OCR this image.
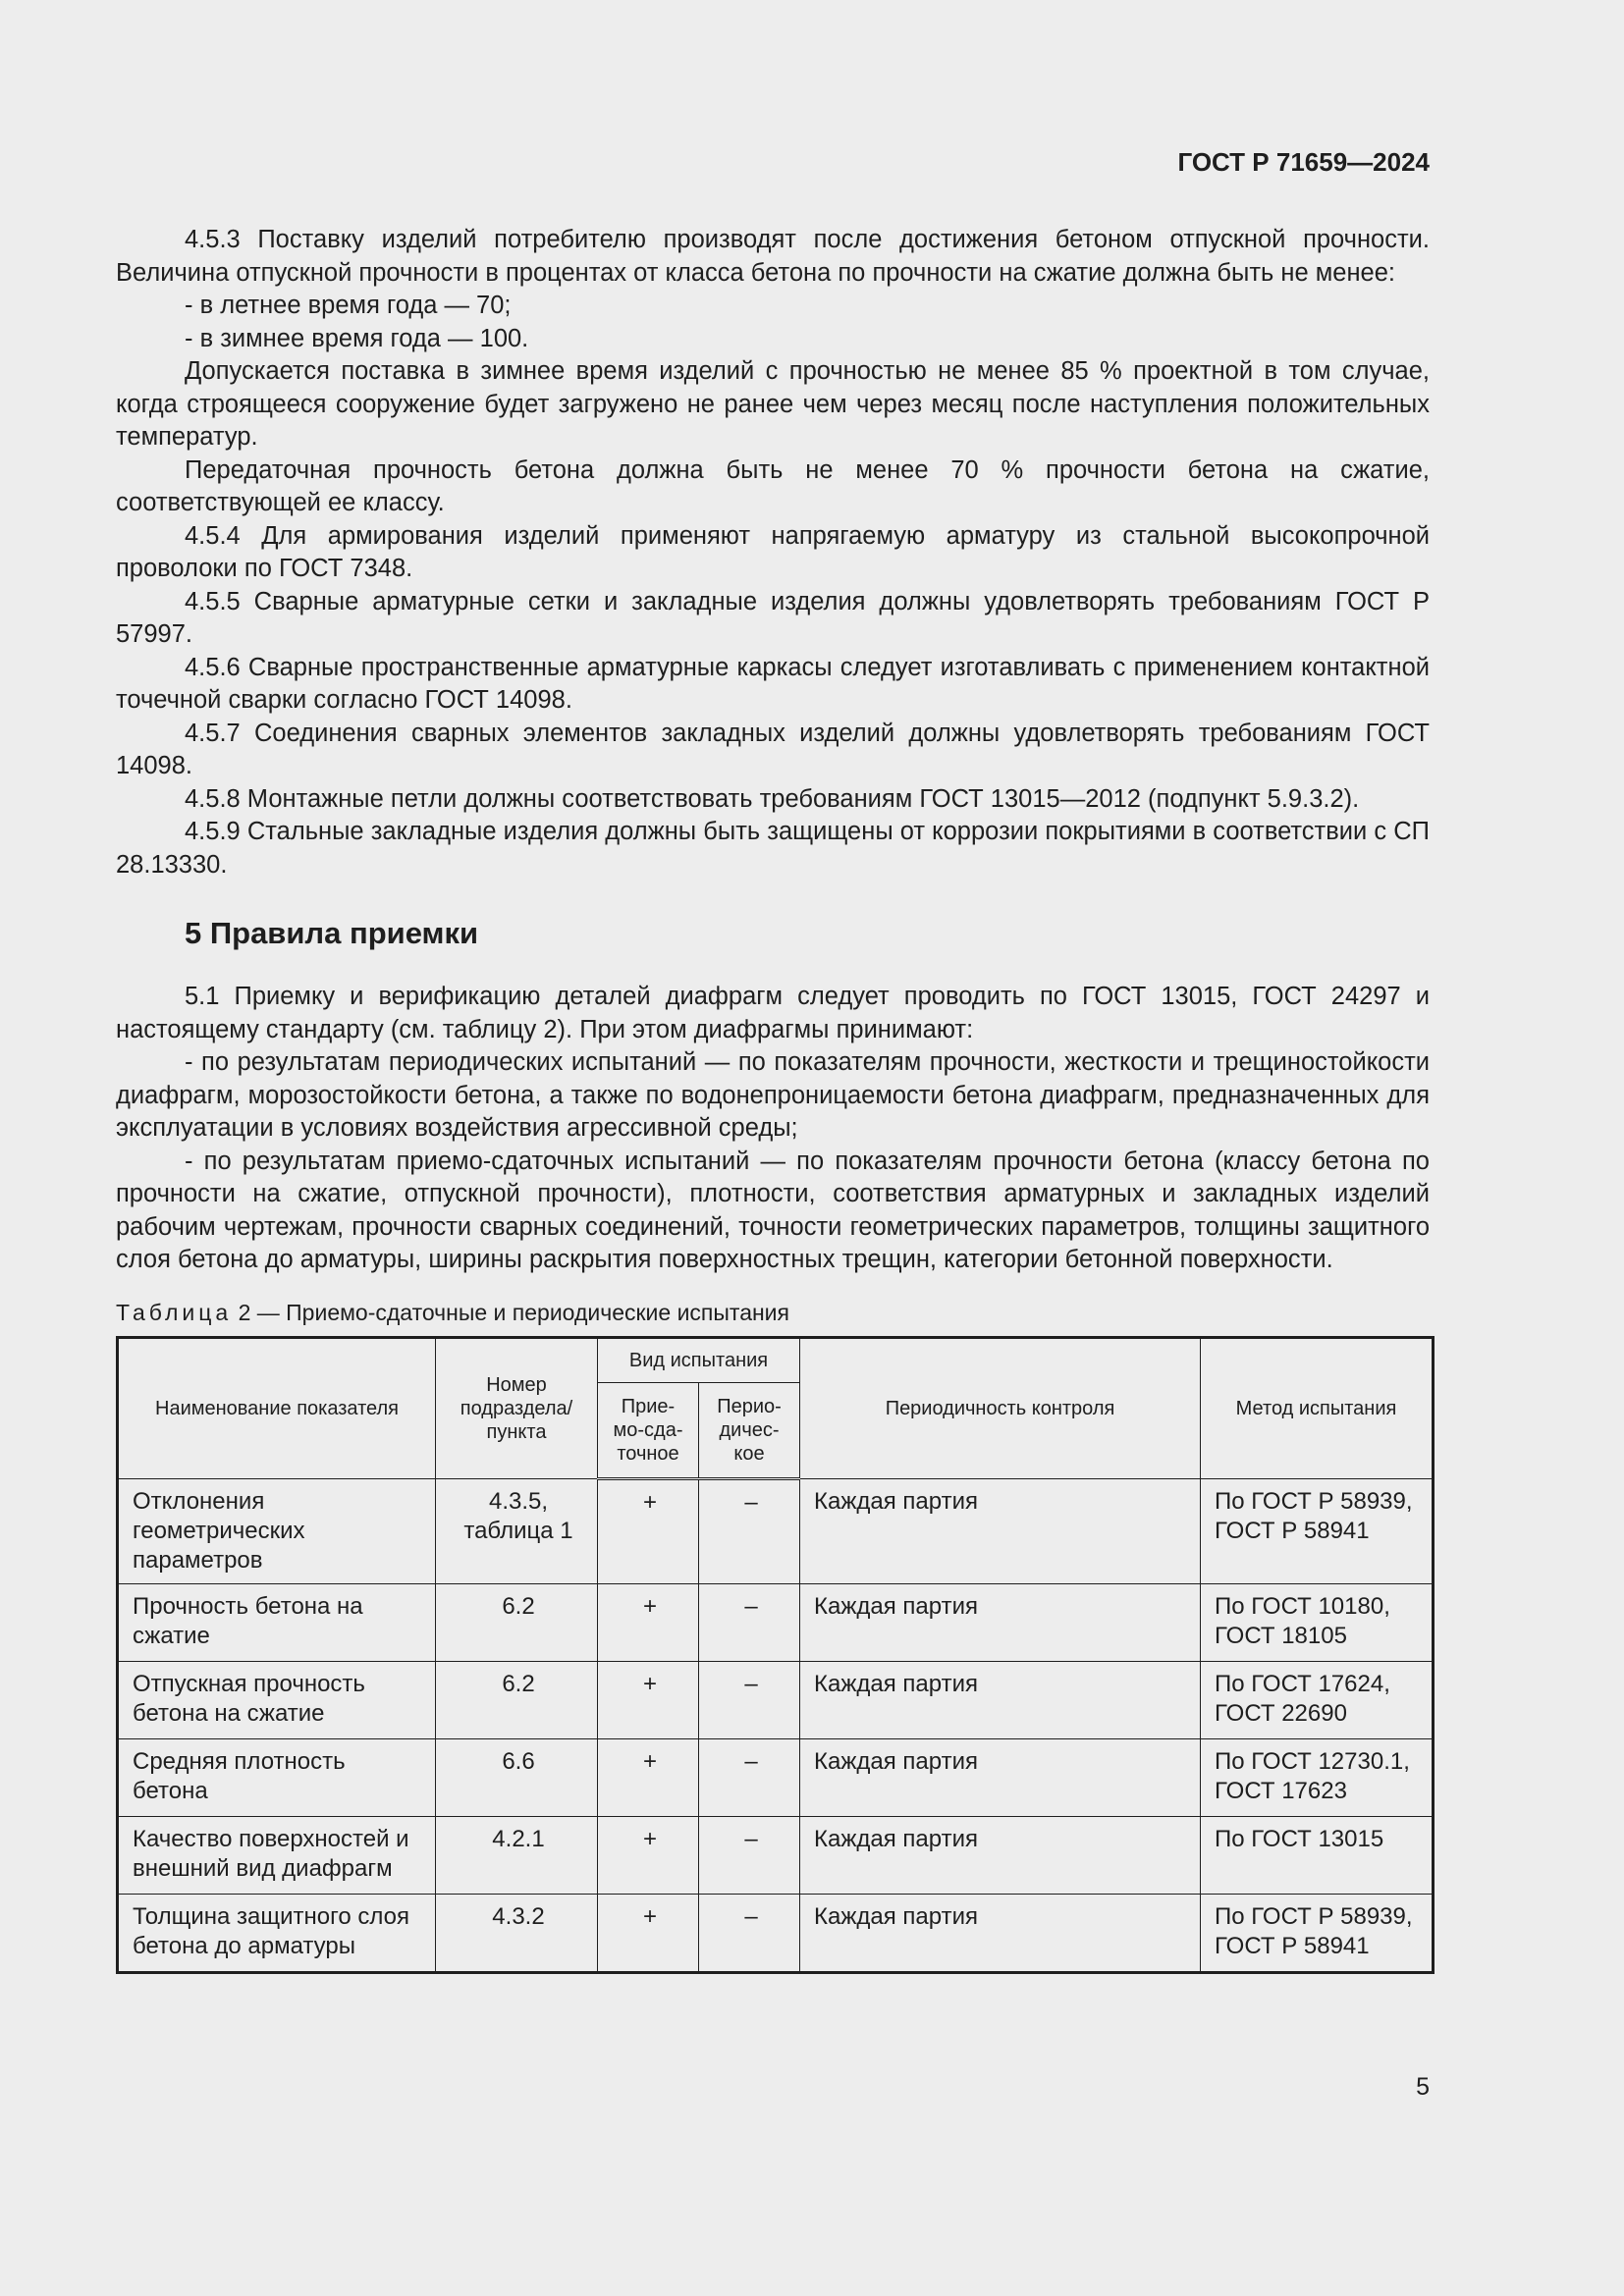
ГОСТ Р 71659—2024

4.5.3 Поставку изделий потребителю производят после достижения бетоном отпускной прочности. Величина отпускной прочности в процентах от класса бетона по прочности на сжатие должна быть не менее:

- в летнее время года — 70;

- в зимнее время года — 100.

Допускается поставка в зимнее время изделий с прочностью не менее 85 % проектной в том случае, когда строящееся сооружение будет загружено не ранее чем через месяц после наступления положительных температур.

Передаточная прочность бетона должна быть не менее 70 % прочности бетона на сжатие, соответствующей ее классу.

4.5.4 Для армирования изделий применяют напрягаемую арматуру из стальной высокопрочной проволоки по ГОСТ 7348.

4.5.5 Сварные арматурные сетки и закладные изделия должны удовлетворять требованиям ГОСТ Р 57997.

4.5.6 Сварные пространственные арматурные каркасы следует изготавливать с применением контактной точечной сварки согласно ГОСТ 14098.

4.5.7 Соединения сварных элементов закладных изделий должны удовлетворять требованиям ГОСТ 14098.

4.5.8 Монтажные петли должны соответствовать требованиям ГОСТ 13015—2012 (подпункт 5.9.3.2).

4.5.9 Стальные закладные изделия должны быть защищены от коррозии покрытиями в соответствии с СП 28.13330.

5 Правила приемки

5.1 Приемку и верификацию деталей диафрагм следует проводить по ГОСТ 13015, ГОСТ 24297 и настоящему стандарту (см. таблицу 2). При этом диафрагмы принимают:

- по результатам периодических испытаний — по показателям прочности, жесткости и трещиностойкости диафрагм, морозостойкости бетона, а также по водонепроницаемости бетона диафрагм, предназначенных для эксплуатации в условиях воздействия агрессивной среды;

- по результатам приемо-сдаточных испытаний — по показателям прочности бетона (классу бетона по прочности на сжатие, отпускной прочности), плотности, соответствия арматурных и закладных изделий рабочим чертежам, прочности сварных соединений, точности геометрических параметров, толщины защитного слоя бетона до арматуры, ширины раскрытия поверхностных трещин, категории бетонной поверхности.

Таблица 2 — Приемо-сдаточные и периодические испытания
Наименование показателя	Номер подраздела/ пункта	Вид испытания		Периодичность контроля	Метод испытания
		Прие- мо-сда- точное	Перио- дичес- кое		
Отклонения геометрических параметров	4.3.5, таблица 1	+	–	Каждая партия	По ГОСТ Р 58939, ГОСТ Р 58941
Прочность бетона на сжатие	6.2	+	–	Каждая партия	По ГОСТ 10180, ГОСТ 18105
Отпускная прочность бетона на сжатие	6.2	+	–	Каждая партия	По ГОСТ 17624, ГОСТ 22690
Средняя плотность бетона	6.6	+	–	Каждая партия	По ГОСТ 12730.1, ГОСТ 17623
Качество поверхностей и внешний вид диафрагм	4.2.1	+	–	Каждая партия	По ГОСТ 13015
Толщина защитного слоя бетона до арматуры	4.3.2	+	–	Каждая партия	По ГОСТ Р 58939, ГОСТ Р 58941
5
